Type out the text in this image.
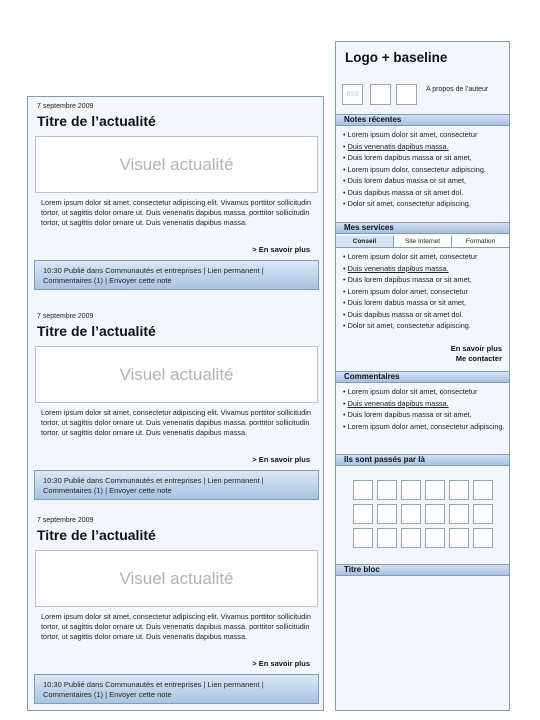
7 septembre 2009
Titre de l’actualité
Visuel actualité
Lorem ipsum dolor sit amet, consectetur adipiscing elit. Vivamus porttitor sollicitudin tortor, ut sagittis dolor ornare ut. Duis venenatis dapibus massa. porttitor sollicitudin tortor, ut sagittis dolor ornare ut. Duis venenatis dapibus massa.
> En savoir plus
10:30 Publié dans Communautés et entreprises | Lien permanent |
Commentaires (1) | Envoyer cette note
7 septembre 2009
Titre de l’actualité
Visuel actualité
Lorem ipsum dolor sit amet, consectetur adipiscing elit. Vivamus porttitor sollicitudin tortor, ut sagittis dolor ornare ut. Duis venenatis dapibus massa. porttitor sollicitudin tortor, ut sagittis dolor ornare ut. Duis venenatis dapibus massa.
> En savoir plus
10:30 Publié dans Communautés et entreprises | Lien permanent |
Commentaires (1) | Envoyer cette note
7 septembre 2009
Titre de l’actualité
Visuel actualité
Lorem ipsum dolor sit amet, consectetur adipiscing elit. Vivamus porttitor sollicitudin tortor, ut sagittis dolor ornare ut. Duis venenatis dapibus massa. porttitor sollicitudin tortor, ut sagittis dolor ornare ut. Duis venenatis dapibus massa.
> En savoir plus
10:30 Publié dans Communautés et entreprises | Lien permanent |
Commentaires (1) | Envoyer cette note
Logo + baseline
RSS
A propos de l’auteur
Notes récentes
• Lorem ipsum dolor sit amet, consectetur
• Duis venenatis dapibus massa.
• Duis lorem dapibus massa or sit amet,
• Lorem ipsum dolor, consectetur adipiscing.
• Duis lorem dabus massa or sit amet,
• Duis dapibus massa or sit amet dol.
• Dolor sit amet, consectetur adipiscing.
Mes services
Conseil	Site Internet	Formation
• Lorem ipsum dolor sit amet, consectetur
• Duis venenatis dapibus massa.
• Duis lorem dapibus massa or sit amet,
• Lorem ipsum dolor amet, consectetur
• Duis lorem dabus massa or sit amet,
• Duis dapibus massa or sit amet dol.
• Dolor sit amet, consectetur adipiscing.
En savoir plus
Me contacter
Commentaires
• Lorem ipsum dolor sit amet, consectetur
• Duis venenatis dapibus massa.
• Duis lorem dapibus massa or sit amet,
• Lorem ipsum dolor amet, consectetur adipiscing.
Ils sont passés par là
Titre bloc
